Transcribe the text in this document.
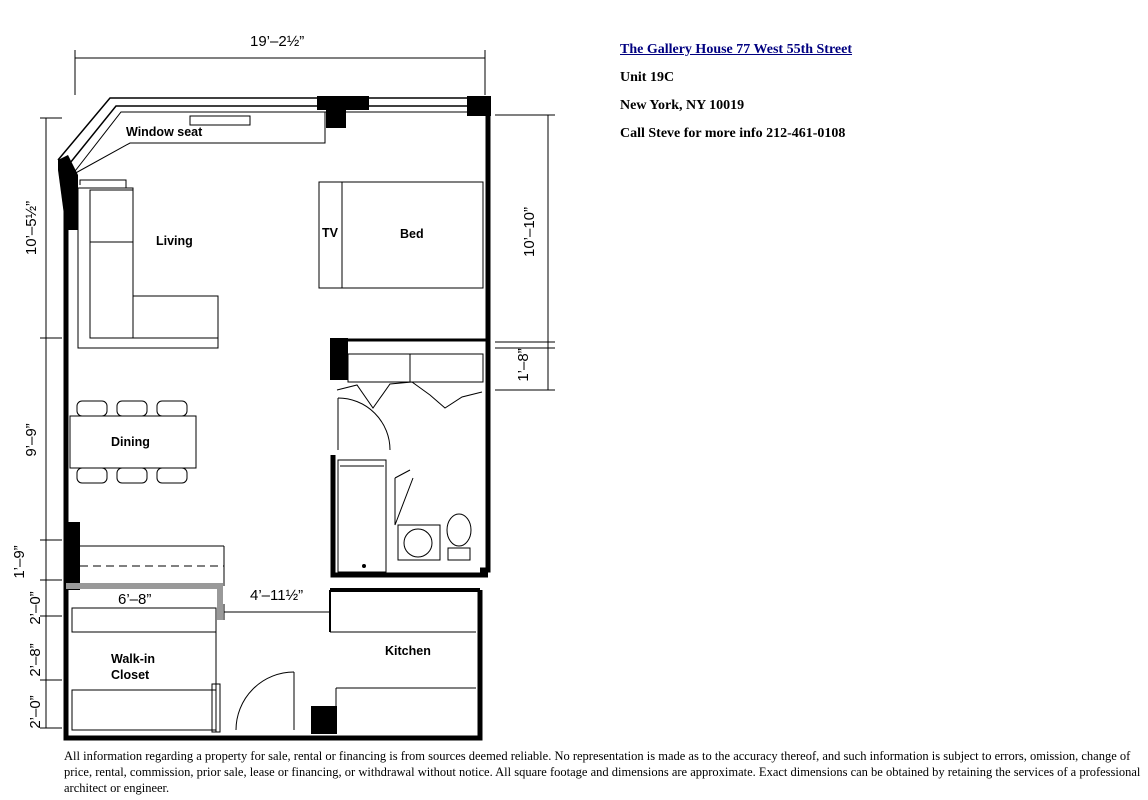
Window seat
Living
TV	Bed
Dining
Walk-in
Closet
Kitchen
19’–2½”
10’–5½”	10’–10”
1’–8”
9’–9”
1’–9”
6’–8”	4’–11½”
2’–0”
2’–8”
2’–0”
The Gallery House 77 West 55th Street
Unit 19C
New York, NY 10019
Call Steve for more info 212-461-0108

All information regarding a property for sale, rental or financing is from sources deemed reliable. No representation is made as to the accuracy thereof, and such information is subject to errors, omission, change of price, rental, commission, prior sale, lease or financing, or withdrawal without notice. All square footage and dimensions are approximate. Exact dimensions can be obtained by retaining the services of a professional architect or engineer.
